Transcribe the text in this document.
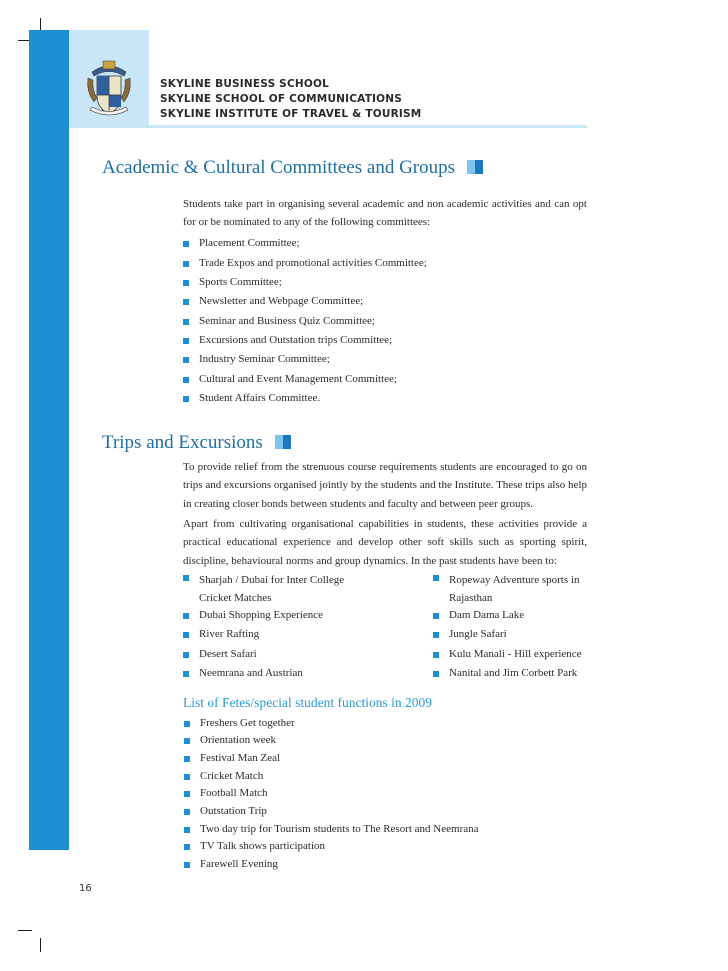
SKYLINE BUSINESS SCHOOL
SKYLINE SCHOOL OF COMMUNICATIONS
SKYLINE INSTITUTE OF TRAVEL & TOURISM
Academic & Cultural Committees and Groups
Students take part in organising several academic and non academic activities and can opt for or be nominated to any of the following committees:
Placement Committee;
Trade Expos and promotional activities Committee;
Sports Committee;
Newsletter and Webpage Committee;
Seminar and Business Quiz Committee;
Excursions and Outstation trips Committee;
Industry Seminar Committee;
Cultural and Event Management Committee;
Student Affairs Committee.
Trips and Excursions
To provide relief from the strenuous course requirements students are encouraged to go on trips and excursions organised jointly by the students and the Institute. These trips also help in creating closer bonds between students and faculty and between peer groups.
Apart from cultivating organisational capabilities in students, these activities provide a practical educational experience and develop other soft skills such as sporting spirit, discipline, behavioural norms and group dynamics. In the past students have been to:
Sharjah / Dubai for Inter College Cricket Matches
Dubai Shopping Experience
River Rafting
Desert Safari
Neemrana and Austrian
Ropeway Adventure sports in Rajasthan
Dam Dama Lake
Jungle Safari
Kulu Manali - Hill experience
Nanital and Jim Corbett Park
List of Fetes/special student functions in 2009
Freshers Get together
Orientation week
Festival Man Zeal
Cricket Match
Football Match
Outstation Trip
Two day trip for Tourism students to The Resort and Neemrana
TV Talk shows participation
Farewell Evening
16
